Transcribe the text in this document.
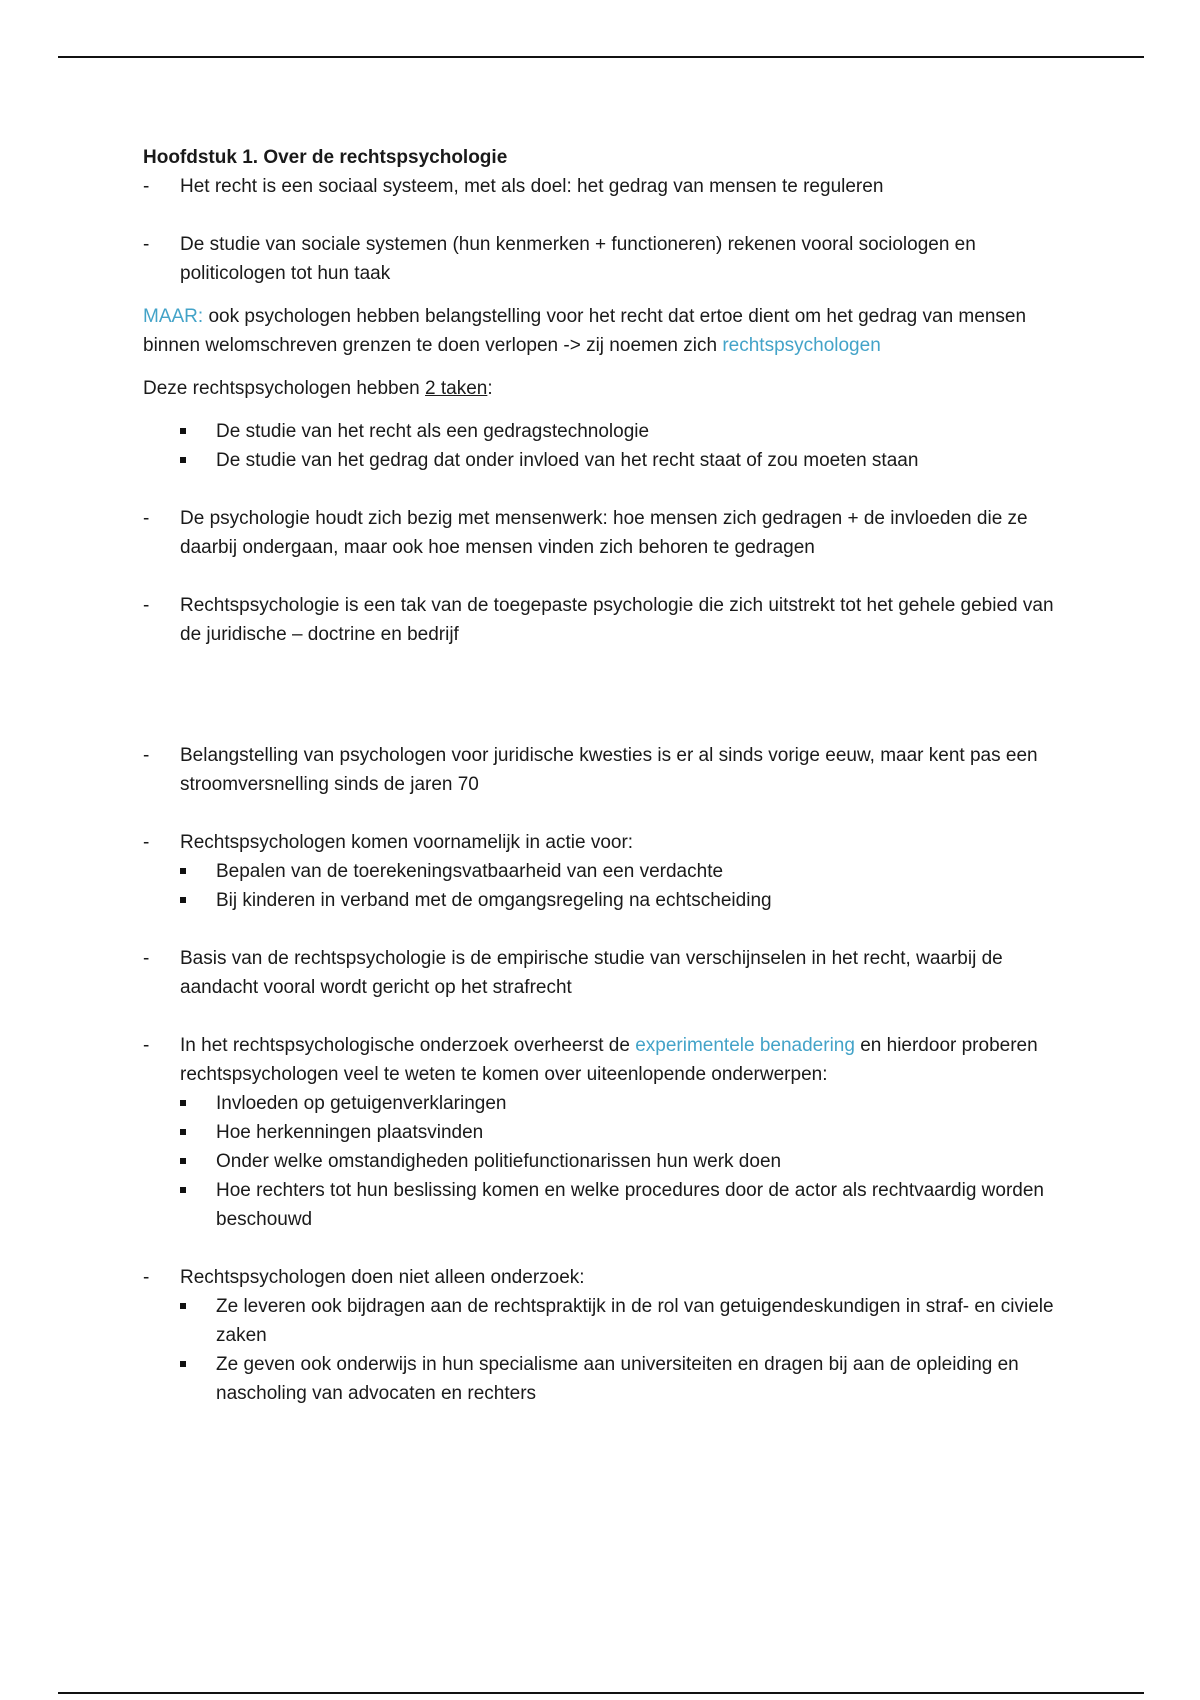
Hoofdstuk 1. Over de rechtspsychologie

- Het recht is een sociaal systeem, met als doel: het gedrag van mensen te reguleren
- De studie van sociale systemen (hun kenmerken + functioneren) rekenen vooral sociologen en politicologen tot hun taak

MAAR: ook psychologen hebben belangstelling voor het recht dat ertoe dient om het gedrag van mensen binnen welomschreven grenzen te doen verlopen -> zij noemen zich rechtspsychologen

Deze rechtspsychologen hebben 2 taken:

De studie van het recht als een gedragstechnologie
De studie van het gedrag dat onder invloed van het recht staat of zou moeten staan
- De psychologie houdt zich bezig met mensenwerk: hoe mensen zich gedragen + de invloeden die ze daarbij ondergaan, maar ook hoe mensen vinden zich behoren te gedragen
- Rechtspsychologie is een tak van de toegepaste psychologie die zich uitstrekt tot het gehele gebied van de juridische – doctrine en bedrijf
- Belangstelling van psychologen voor juridische kwesties is er al sinds vorige eeuw, maar kent pas een stroomversnelling sinds de jaren 70
- Rechtspsychologen komen voornamelijk in actie voor:
Bepalen van de toerekeningsvatbaarheid van een verdachte
Bij kinderen in verband met de omgangsregeling na echtscheiding
- Basis van de rechtspsychologie is de empirische studie van verschijnselen in het recht, waarbij de aandacht vooral wordt gericht op het strafrecht
- In het rechtspsychologische onderzoek overheerst de experimentele benadering en hierdoor proberen rechtspsychologen veel te weten te komen over uiteenlopende onderwerpen:
Invloeden op getuigenverklaringen
Hoe herkenningen plaatsvinden
Onder welke omstandigheden politiefunctionarissen hun werk doen
Hoe rechters tot hun beslissing komen en welke procedures door de actor als rechtvaardig worden beschouwd
- Rechtspsychologen doen niet alleen onderzoek:
Ze leveren ook bijdragen aan de rechtspraktijk in de rol van getuigendeskundigen in straf- en civiele zaken
Ze geven ook onderwijs in hun specialisme aan universiteiten en dragen bij aan de opleiding en nascholing van advocaten en rechters
